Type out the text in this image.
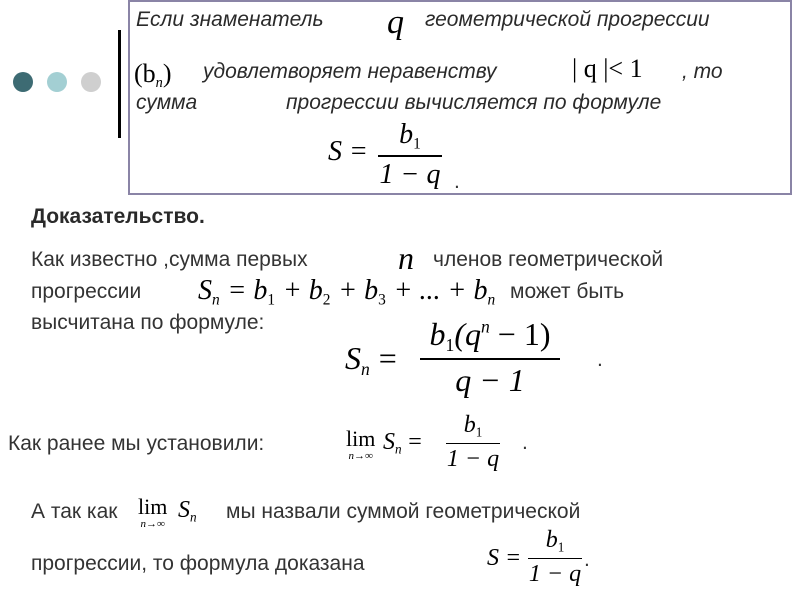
Если знаменатель q геометрической прогрессии
$(b_n)$ удовлетворяет неравенству	| q |< 1 , то
сумма	прогрессии вычисляется по формуле
S =
$b_1$
1 − q .
Доказательство.
Как известно ,сумма первых	n членов геометрической
прогрессии $S_n = b_1 + b_2 + b_3$ + ... + $b_n$ может быть
высчитана по формуле:
$S_n$ =
$b_1(q^n - 1)$
q − 1
.
Как ранее мы установили:	lim
n→∞
$S_n$ =
$b_1$
1 − q
.
А так как lim
n→∞
$S_n$ мы назвали суммой геометрической
прогрессии, то формула доказана	S =
$b_1$
1 − q
.
